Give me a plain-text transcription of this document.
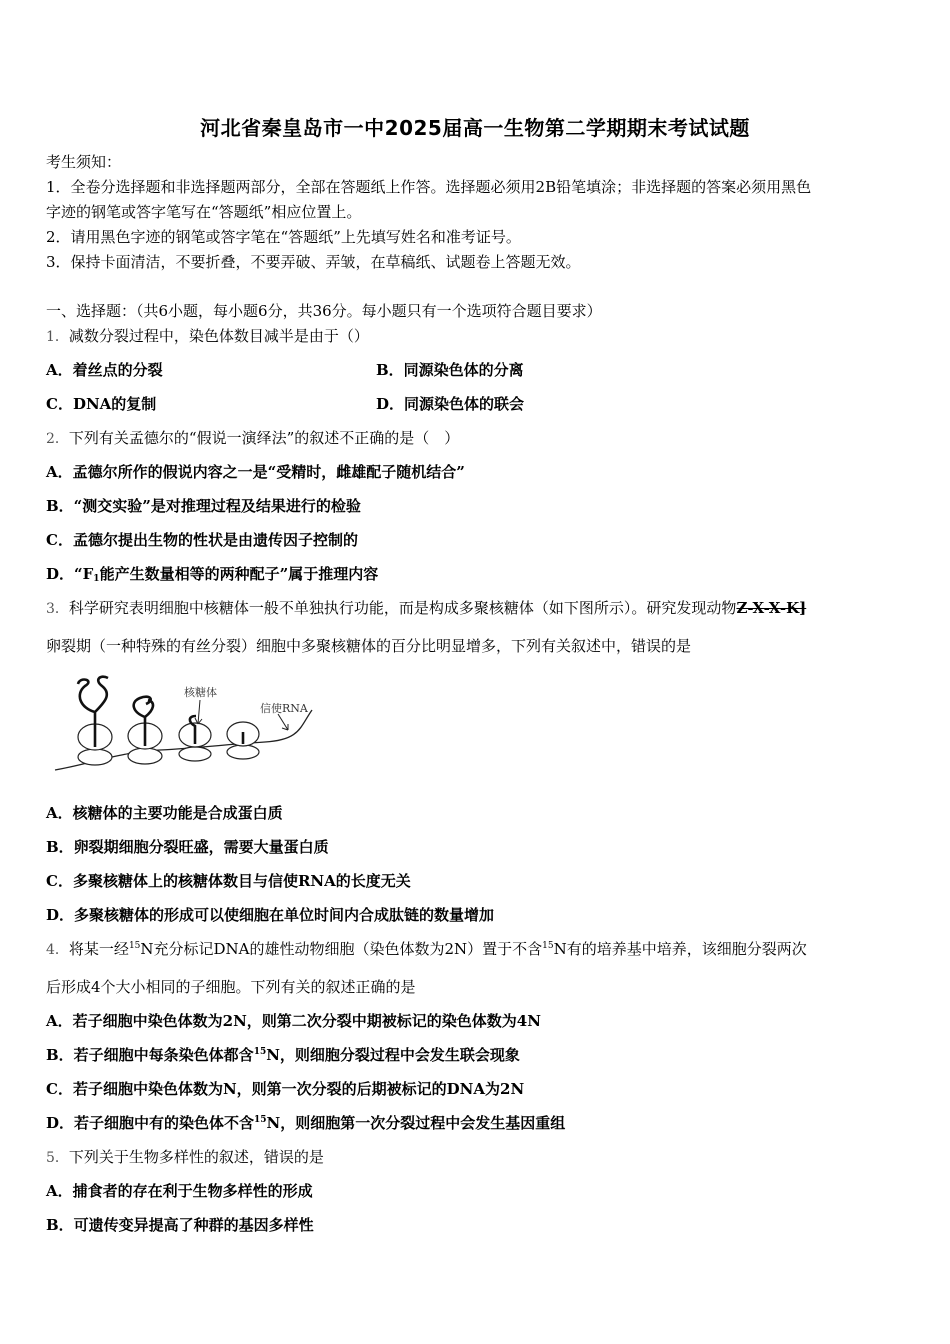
河北省秦皇岛市一中2025届高一生物第二学期期末考试试题
考生须知：
1．全卷分选择题和非选择题两部分，全部在答题纸上作答。选择题必须用2B铅笔填涂；非选择题的答案必须用黑色
字迹的钢笔或答字笔写在“答题纸”相应位置上。
2．请用黑色字迹的钢笔或答字笔在“答题纸”上先填写姓名和准考证号。
3．保持卡面清洁，不要折叠，不要弄破、弄皱，在草稿纸、试题卷上答题无效。
一、选择题：（共6小题，每小题6分，共36分。每小题只有一个选项符合题目要求）
1．减数分裂过程中，染色体数目减半是由于（）
A．着丝点的分裂	B．同源染色体的分离
C．DNA的复制	D．同源染色体的联会
2．下列有关孟德尔的“假说一演绎法”的叙述不正确的是（　）
A．孟德尔所作的假说内容之一是“受精时，雌雄配子随机结合”
B．“测交实验”是对推理过程及结果进行的检验
C．孟德尔提出生物的性状是由遗传因子控制的
D．“$F_1$能产生数量相等的两种配子”属于推理内容
3．科学研究表明细胞中核糖体一般不单独执行功能，而是构成多聚核糖体（如下图所示）。研究发现动物Z-X-X-K]
卵裂期（一种特殊的有丝分裂）细胞中多聚核糖体的百分比明显增多，下列有关叙述中，错误的是
核糖体
信使RNA
A．核糖体的主要功能是合成蛋白质
B．卵裂期细胞分裂旺盛，需要大量蛋白质
C．多聚核糖体上的核糖体数目与信使RNA的长度无关
D．多聚核糖体的形成可以使细胞在单位时间内合成肽链的数量增加
4．将某一经$^{15}$N充分标记DNA的雄性动物细胞（染色体数为2N）置于不含$^{15}$N有的培养基中培养，该细胞分裂两次
后形成4个大小相同的子细胞。下列有关的叙述正确的是
A．若子细胞中染色体数为2N，则第二次分裂中期被标记的染色体数为4N
B．若子细胞中每条染色体都含$^{15}$N，则细胞分裂过程中会发生联会现象
C．若子细胞中染色体数为N，则第一次分裂的后期被标记的DNA为2N
D．若子细胞中有的染色体不含$^{15}$N，则细胞第一次分裂过程中会发生基因重组
5．下列关于生物多样性的叙述，错误的是
A．捕食者的存在利于生物多样性的形成
B．可遗传变异提高了种群的基因多样性
